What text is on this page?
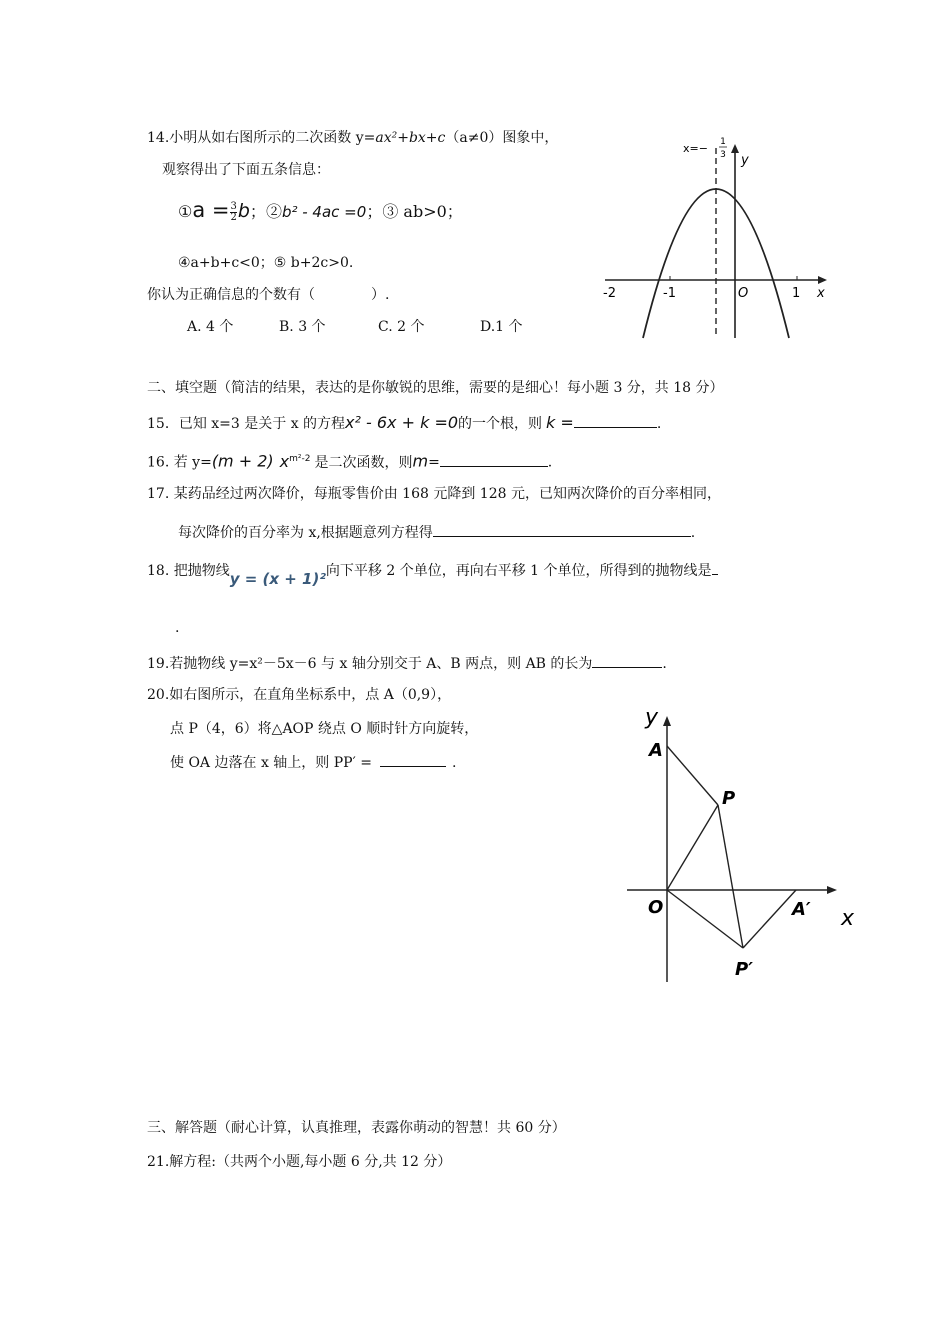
14.小明从如右图所示的二次函数 y=ax²+bx+c（a≠0）图象中，
观察得出了下面五条信息：
①a = $\frac{3}{2}$ b；②b² - 4ac =0；③ ab>0；
④a+b+c<0；⑤ b+2c>0.
你认为正确信息的个数有（　　　　）.
A. 4 个	B. 3 个	C. 2 个	D.1 个
x=− 1
3 y
x
O
-2	-1	1
二、填空题（简洁的结果，表达的是你敏锐的思维，需要的是细心！每小题 3 分，共 18 分）
15．已知 x=3 是关于 x 的方程x² - 6x + k =0的一个根，则 k =	.
16. 若 y=(m + 2) $x^{m^2-2}$ 是二次函数，则m=	.
17. 某药品经过两次降价，每瓶零售价由 168 元降到 128 元，已知两次降价的百分率相同，
每次降价的百分率为 x,根据题意列方程得	.
18. 把抛物线y = (x + 1)²向下平移 2 个单位，再向右平移 1 个单位，所得到的抛物线是
.
19.若抛物线 y=x²－5x－6 与 x 轴分别交于 A、B 两点，则 AB 的长为	.
20.如右图所示，在直角坐标系中，点 A（0,9），
点 P（4，6）将△AOP 绕点 O 顺时针方向旋转，
使 OA 边落在 x 轴上，则 PP′ =	.
y
x
A
P
O	A′
P′
三、解答题（耐心计算，认真推理，表露你萌动的智慧！共 60 分）
21.解方程:（共两个小题,每小题 6 分,共 12 分）
